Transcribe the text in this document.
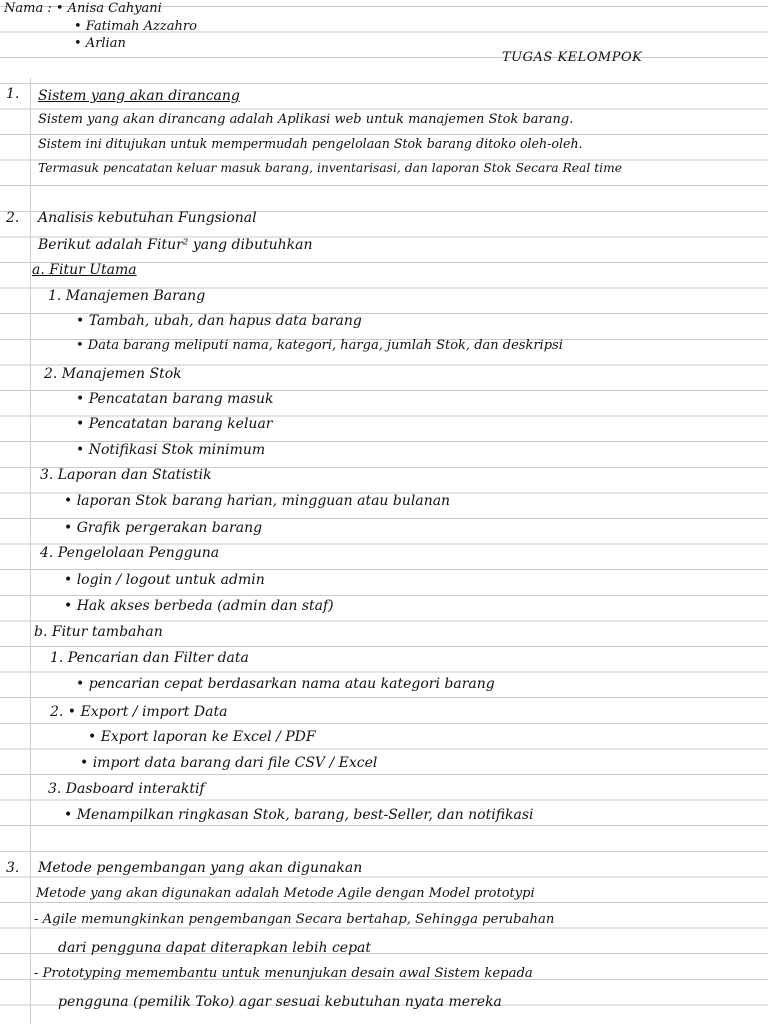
Nama : • Anisa Cahyani
• Fatimah Azzahro
• Arlian
TUGAS KELOMPOK
1. Sistem yang akan dirancang
Sistem yang akan dirancang adalah Aplikasi web untuk manajemen Stok barang.
Sistem ini ditujukan untuk mempermudah pengelolaan Stok barang ditoko oleh-oleh.
Termasuk pencatatan keluar masuk barang, inventarisasi, dan laporan Stok Secara Real time
2. Analisis kebutuhan Fungsional
Berikut adalah Fitur² yang dibutuhkan
a. Fitur Utama
1. Manajemen Barang
• Tambah, ubah, dan hapus data barang
• Data barang meliputi nama, kategori, harga, jumlah Stok, dan deskripsi
2. Manajemen Stok
• Pencatatan barang masuk
• Pencatatan barang keluar
• Notifikasi Stok minimum
3. Laporan dan Statistik
• laporan Stok barang harian, mingguan atau bulanan
• Grafik pergerakan barang
4. Pengelolaan Pengguna
• login / logout untuk admin
• Hak akses berbeda (admin dan staf)
b. Fitur tambahan
1. Pencarian dan Filter data
• pencarian cepat berdasarkan nama atau kategori barang
2. • Export / import Data
• Export laporan ke Excel / PDF
• import data barang dari file CSV / Excel
3. Dasboard interaktif
• Menampilkan ringkasan Stok, barang, best-Seller, dan notifikasi
3. Metode pengembangan yang akan digunakan
Metode yang akan digunakan adalah Metode Agile dengan Model prototypi
- Agile memungkinkan pengembangan Secara bertahap, Sehingga perubahan
dari pengguna dapat diterapkan lebih cepat
- Prototyping memembantu untuk menunjukan desain awal Sistem kepada
pengguna (pemilik Toko) agar sesuai kebutuhan nyata mereka
